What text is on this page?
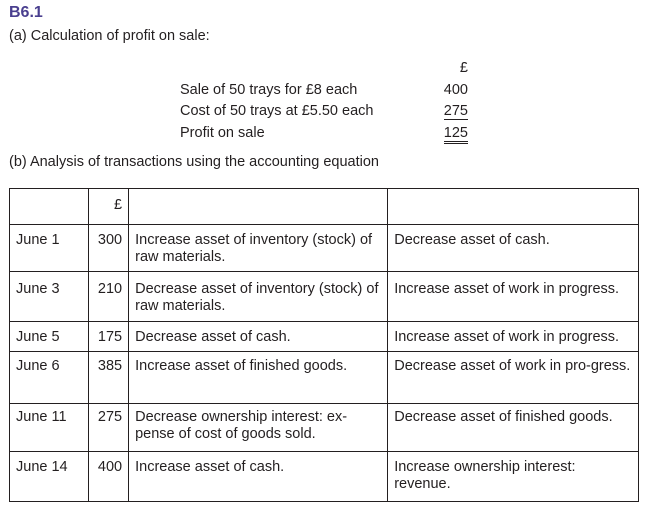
B6.1
(a) Calculation of profit on sale:
£
Sale of 50 trays for £8 each	400
Cost of 50 trays at £5.50 each	275
Profit on sale	125
(b) Analysis of transactions using the accounting equation
	£		
June 1	300	Increase asset of inventory (stock) of raw materials.	Decrease asset of cash.
June 3	210	Decrease asset of inventory (stock) of raw materials.	Increase asset of work in progress.
June 5	175	Decrease asset of cash.	Increase asset of work in progress.
June 6	385	Increase asset of finished goods.	Decrease asset of work in pro-gress.
June 11	275	Decrease ownership interest: ex-pense of cost of goods sold.	Decrease asset of finished goods.
June 14	400	Increase asset of cash.	Increase ownership interest: revenue.
